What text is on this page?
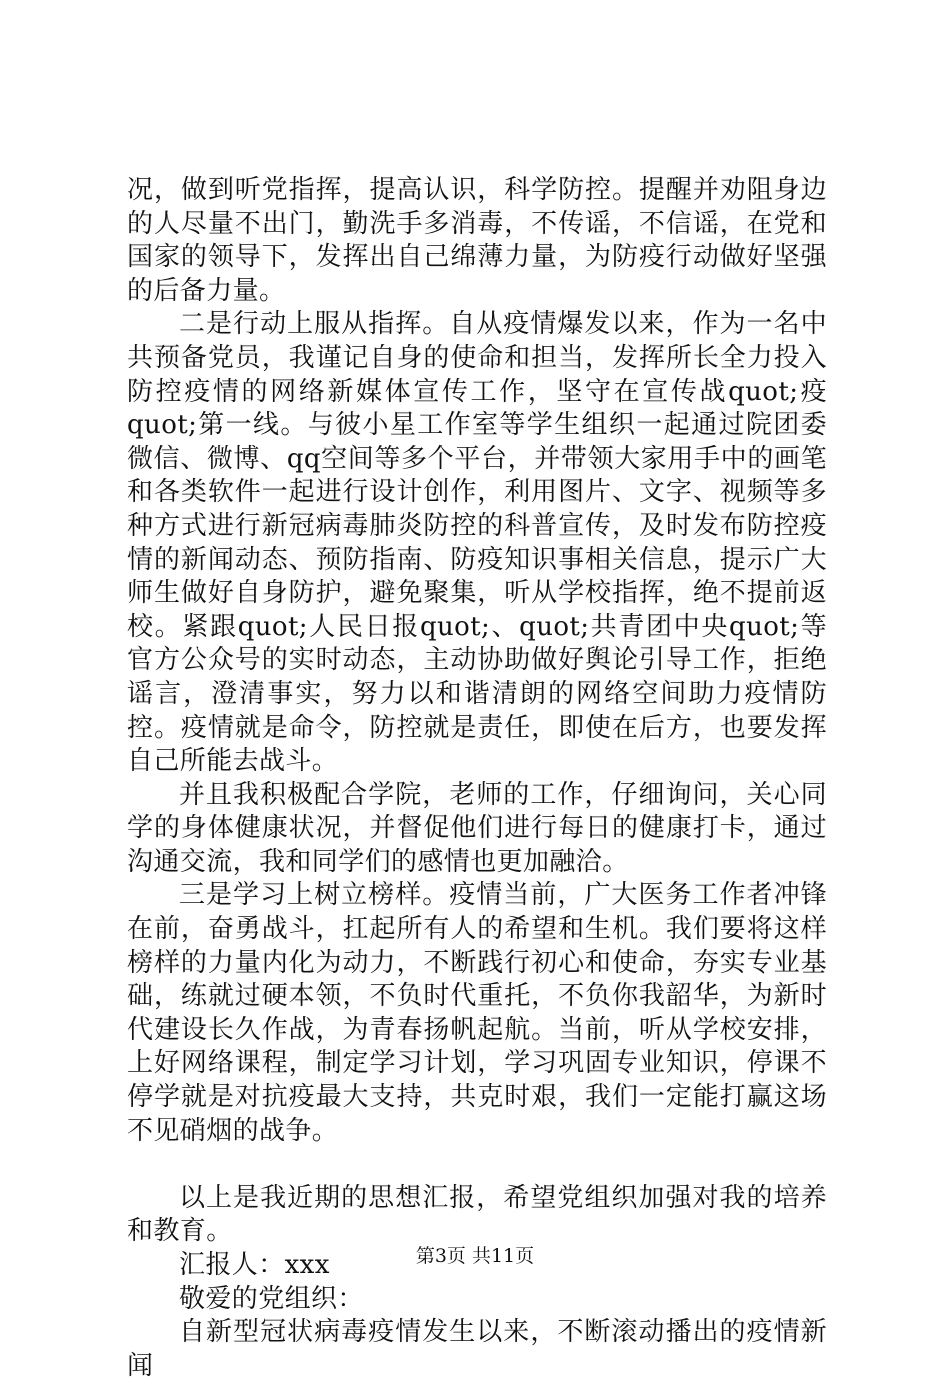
况，做到听党指挥，提高认识，科学防控。提醒并劝阻身边的人尽量不出门，勤洗手多消毒，不传谣，不信谣，在党和国家的领导下，发挥出自己绵薄力量，为防疫行动做好坚强的后备力量。

二是行动上服从指挥。自从疫情爆发以来，作为一名中共预备党员，我谨记自身的使命和担当，发挥所长全力投入防控疫情的网络新媒体宣传工作，坚守在宣传战quot;疫quot;第一线。与彼小星工作室等学生组织一起通过院团委微信、微博、qq空间等多个平台，并带领大家用手中的画笔和各类软件一起进行设计创作，利用图片、文字、视频等多种方式进行新冠病毒肺炎防控的科普宣传，及时发布防控疫情的新闻动态、预防指南、防疫知识事相关信息，提示广大师生做好自身防护，避免聚集，听从学校指挥，绝不提前返校。紧跟quot;人民日报quot;、quot;共青团中央quot;等官方公众号的实时动态，主动协助做好舆论引导工作，拒绝谣言，澄清事实，努力以和谐清朗的网络空间助力疫情防控。疫情就是命令，防控就是责任，即使在后方，也要发挥自己所能去战斗。

并且我积极配合学院，老师的工作，仔细询问，关心同学的身体健康状况，并督促他们进行每日的健康打卡，通过沟通交流，我和同学们的感情也更加融洽。

三是学习上树立榜样。疫情当前，广大医务工作者冲锋在前，奋勇战斗，扛起所有人的希望和生机。我们要将这样榜样的力量内化为动力，不断践行初心和使命，夯实专业基础，练就过硬本领，不负时代重托，不负你我韶华，为新时代建设长久作战，为青春扬帆起航。当前，听从学校安排，上好网络课程，制定学习计划，学习巩固专业知识，停课不停学就是对抗疫最大支持，共克时艰，我们一定能打赢这场不见硝烟的战争。

以上是我近期的思想汇报，希望党组织加强对我的培养和教育。

汇报人：xxx

敬爱的党组织：

自新型冠状病毒疫情发生以来，不断滚动播出的疫情新闻

第3页 共11页
